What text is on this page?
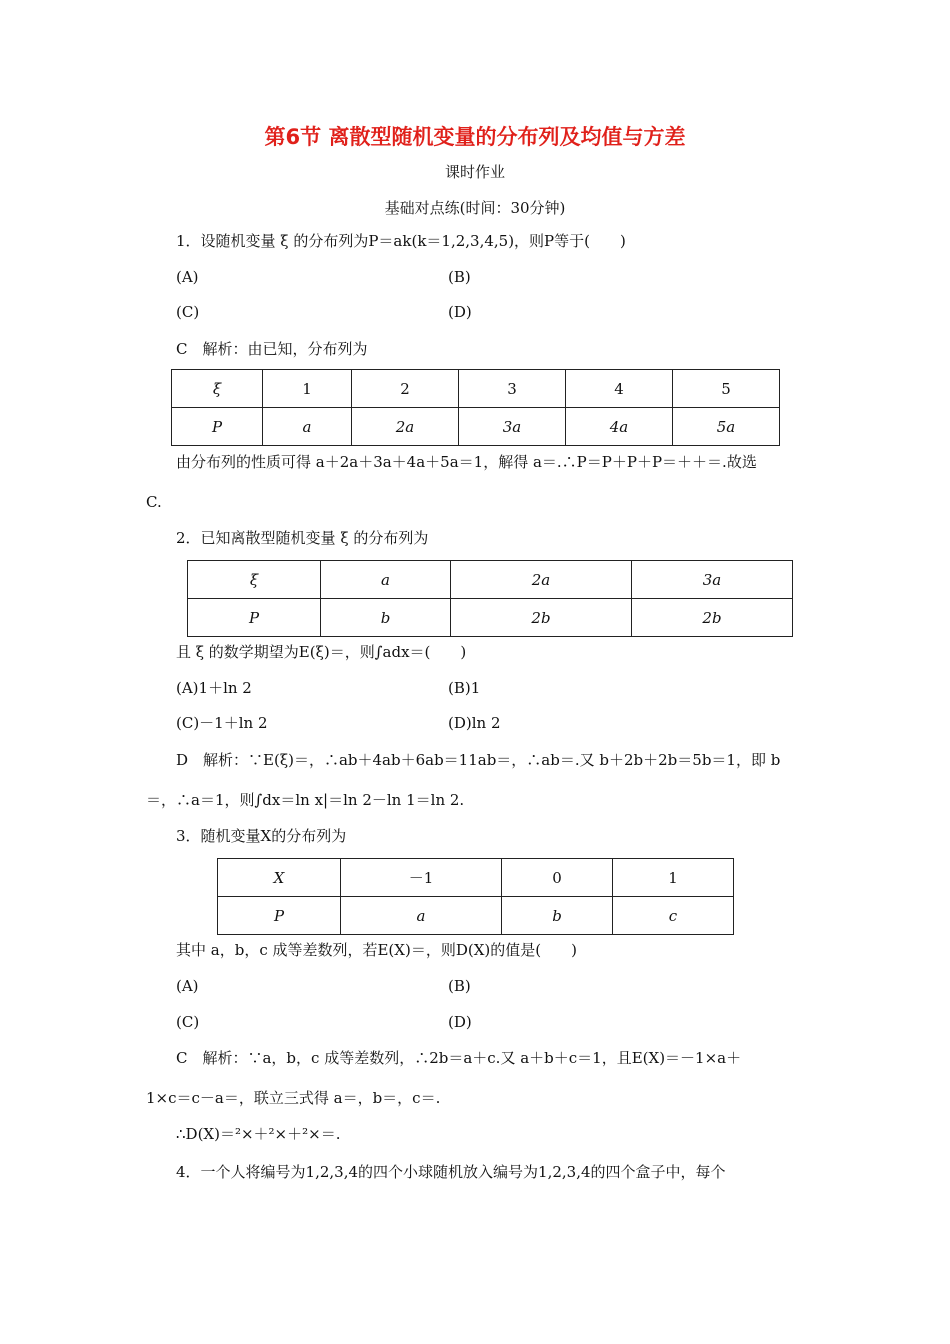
第6节 离散型随机变量的分布列及均值与方差
课时作业
基础对点练(时间：30分钟)
1．设随机变量 ξ 的分布列为P＝ak(k＝1,2,3,4,5)，则P等于(　　)
(A)	(B)
(C)	(D)
C　解析：由已知，分布列为
ξ	1	2	3	4	5
P	a	2a	3a	4a	5a
由分布列的性质可得 a＋2a＋3a＋4a＋5a＝1，解得 a＝.∴P＝P＋P＋P＝＋＋＝.故选
C.
2．已知离散型随机变量 ξ 的分布列为
ξ	a	2a	3a
P	b	2b	2b
且 ξ 的数学期望为E(ξ)＝，则∫adx＝(　　)
(A)1＋ln 2	(B)1
(C)－1＋ln 2	(D)ln 2
D　解析：∵E(ξ)＝，∴ab＋4ab＋6ab＝11ab＝，∴ab＝.又 b＋2b＋2b＝5b＝1，即 b
＝，∴a＝1，则∫dx＝ln x|＝ln 2－ln 1＝ln 2.
3．随机变量X的分布列为
X	－1	0	1
P	a	b	c
其中 a，b，c 成等差数列，若E(X)＝，则D(X)的值是(　　)
(A)	(B)
(C)	(D)
C　解析：∵a，b，c 成等差数列，∴2b＝a＋c.又 a＋b＋c＝1，且E(X)＝－1×a＋
1×c＝c－a＝，联立三式得 a＝，b＝，c＝.
∴D(X)＝²×＋²×＋²×＝.
4．一个人将编号为1,2,3,4的四个小球随机放入编号为1,2,3,4的四个盒子中，每个
